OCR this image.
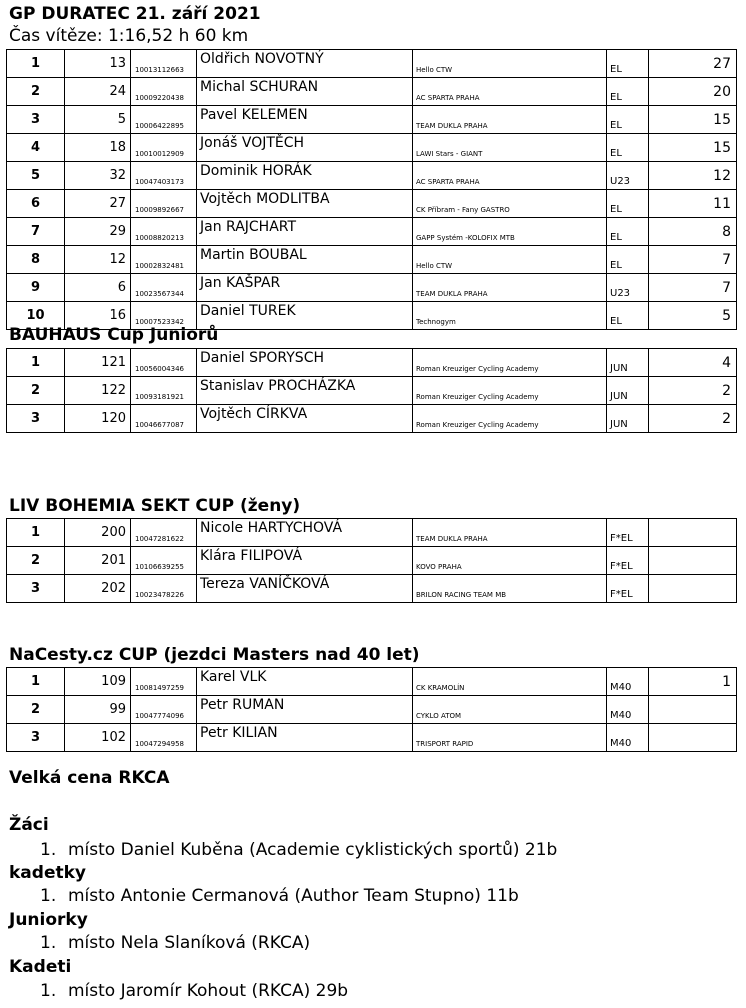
GP DURATEC 21. září 2021
Čas vítěze: 1:16,52 h 60 km
BAUHAUS Cup Juniorů
LIV BOHEMIA SEKT CUP (ženy)
NaCesty.cz CUP (jezdci Masters nad 40 let)
1	13	10013112663	Oldřich NOVOTNÝ	Hello CTW	EL	27
2	24	10009220438	Michal SCHURAN	AC SPARTA PRAHA	EL	20
3	5	10006422895	Pavel KELEMEN	TEAM DUKLA PRAHA	EL	15
4	18	10010012909	Jonáš VOJTĚCH	LAWI Stars - GIANT	EL	15
5	32	10047403173	Dominik HORÁK	AC SPARTA PRAHA	U23	12
6	27	10009892667	Vojtěch MODLITBA	CK Příbram - Fany GASTRO	EL	11
7	29	10008820213	Jan RAJCHART	GAPP Systém -KOLOFIX MTB	EL	8
8	12	10002832481	Martin BOUBAL	Hello CTW	EL	7
9	6	10023567344	Jan KAŠPAR	TEAM DUKLA PRAHA	U23	7
10	16	10007523342	Daniel TUREK	Technogym	EL	5
1	121	10056004346	Daniel SPORYSCH	Roman Kreuziger Cycling Academy	JUN	4
2	122	10093181921	Stanislav PROCHÁZKA	Roman Kreuziger Cycling Academy	JUN	2
3	120	10046677087	Vojtěch CÍRKVA	Roman Kreuziger Cycling Academy	JUN	2
1	200	10047281622	Nicole HARTYCHOVÁ	TEAM DUKLA PRAHA	F*EL	
2	201	10106639255	Klára FILIPOVÁ	KOVO PRAHA	F*EL	
3	202	10023478226	Tereza VANÍČKOVÁ	BRILON RACING TEAM MB	F*EL	
1	109	10081497259	Karel VLK	CK KRAMOLÍN	M40	1
2	99	10047774096	Petr RUMAN	CYKLO ATOM	M40	
3	102	10047294958	Petr KILIAN	TRISPORT RAPID	M40	
Velká cena RKCA
Žáci
1. místo Daniel Kuběna (Academie cyklistických sportů) 21b
kadetky
1. místo Antonie Cermanová (Author Team Stupno) 11b
Juniorky
1. místo Nela Slaníková (RKCA)
Kadeti
1. místo Jaromír Kohout (RKCA) 29b
